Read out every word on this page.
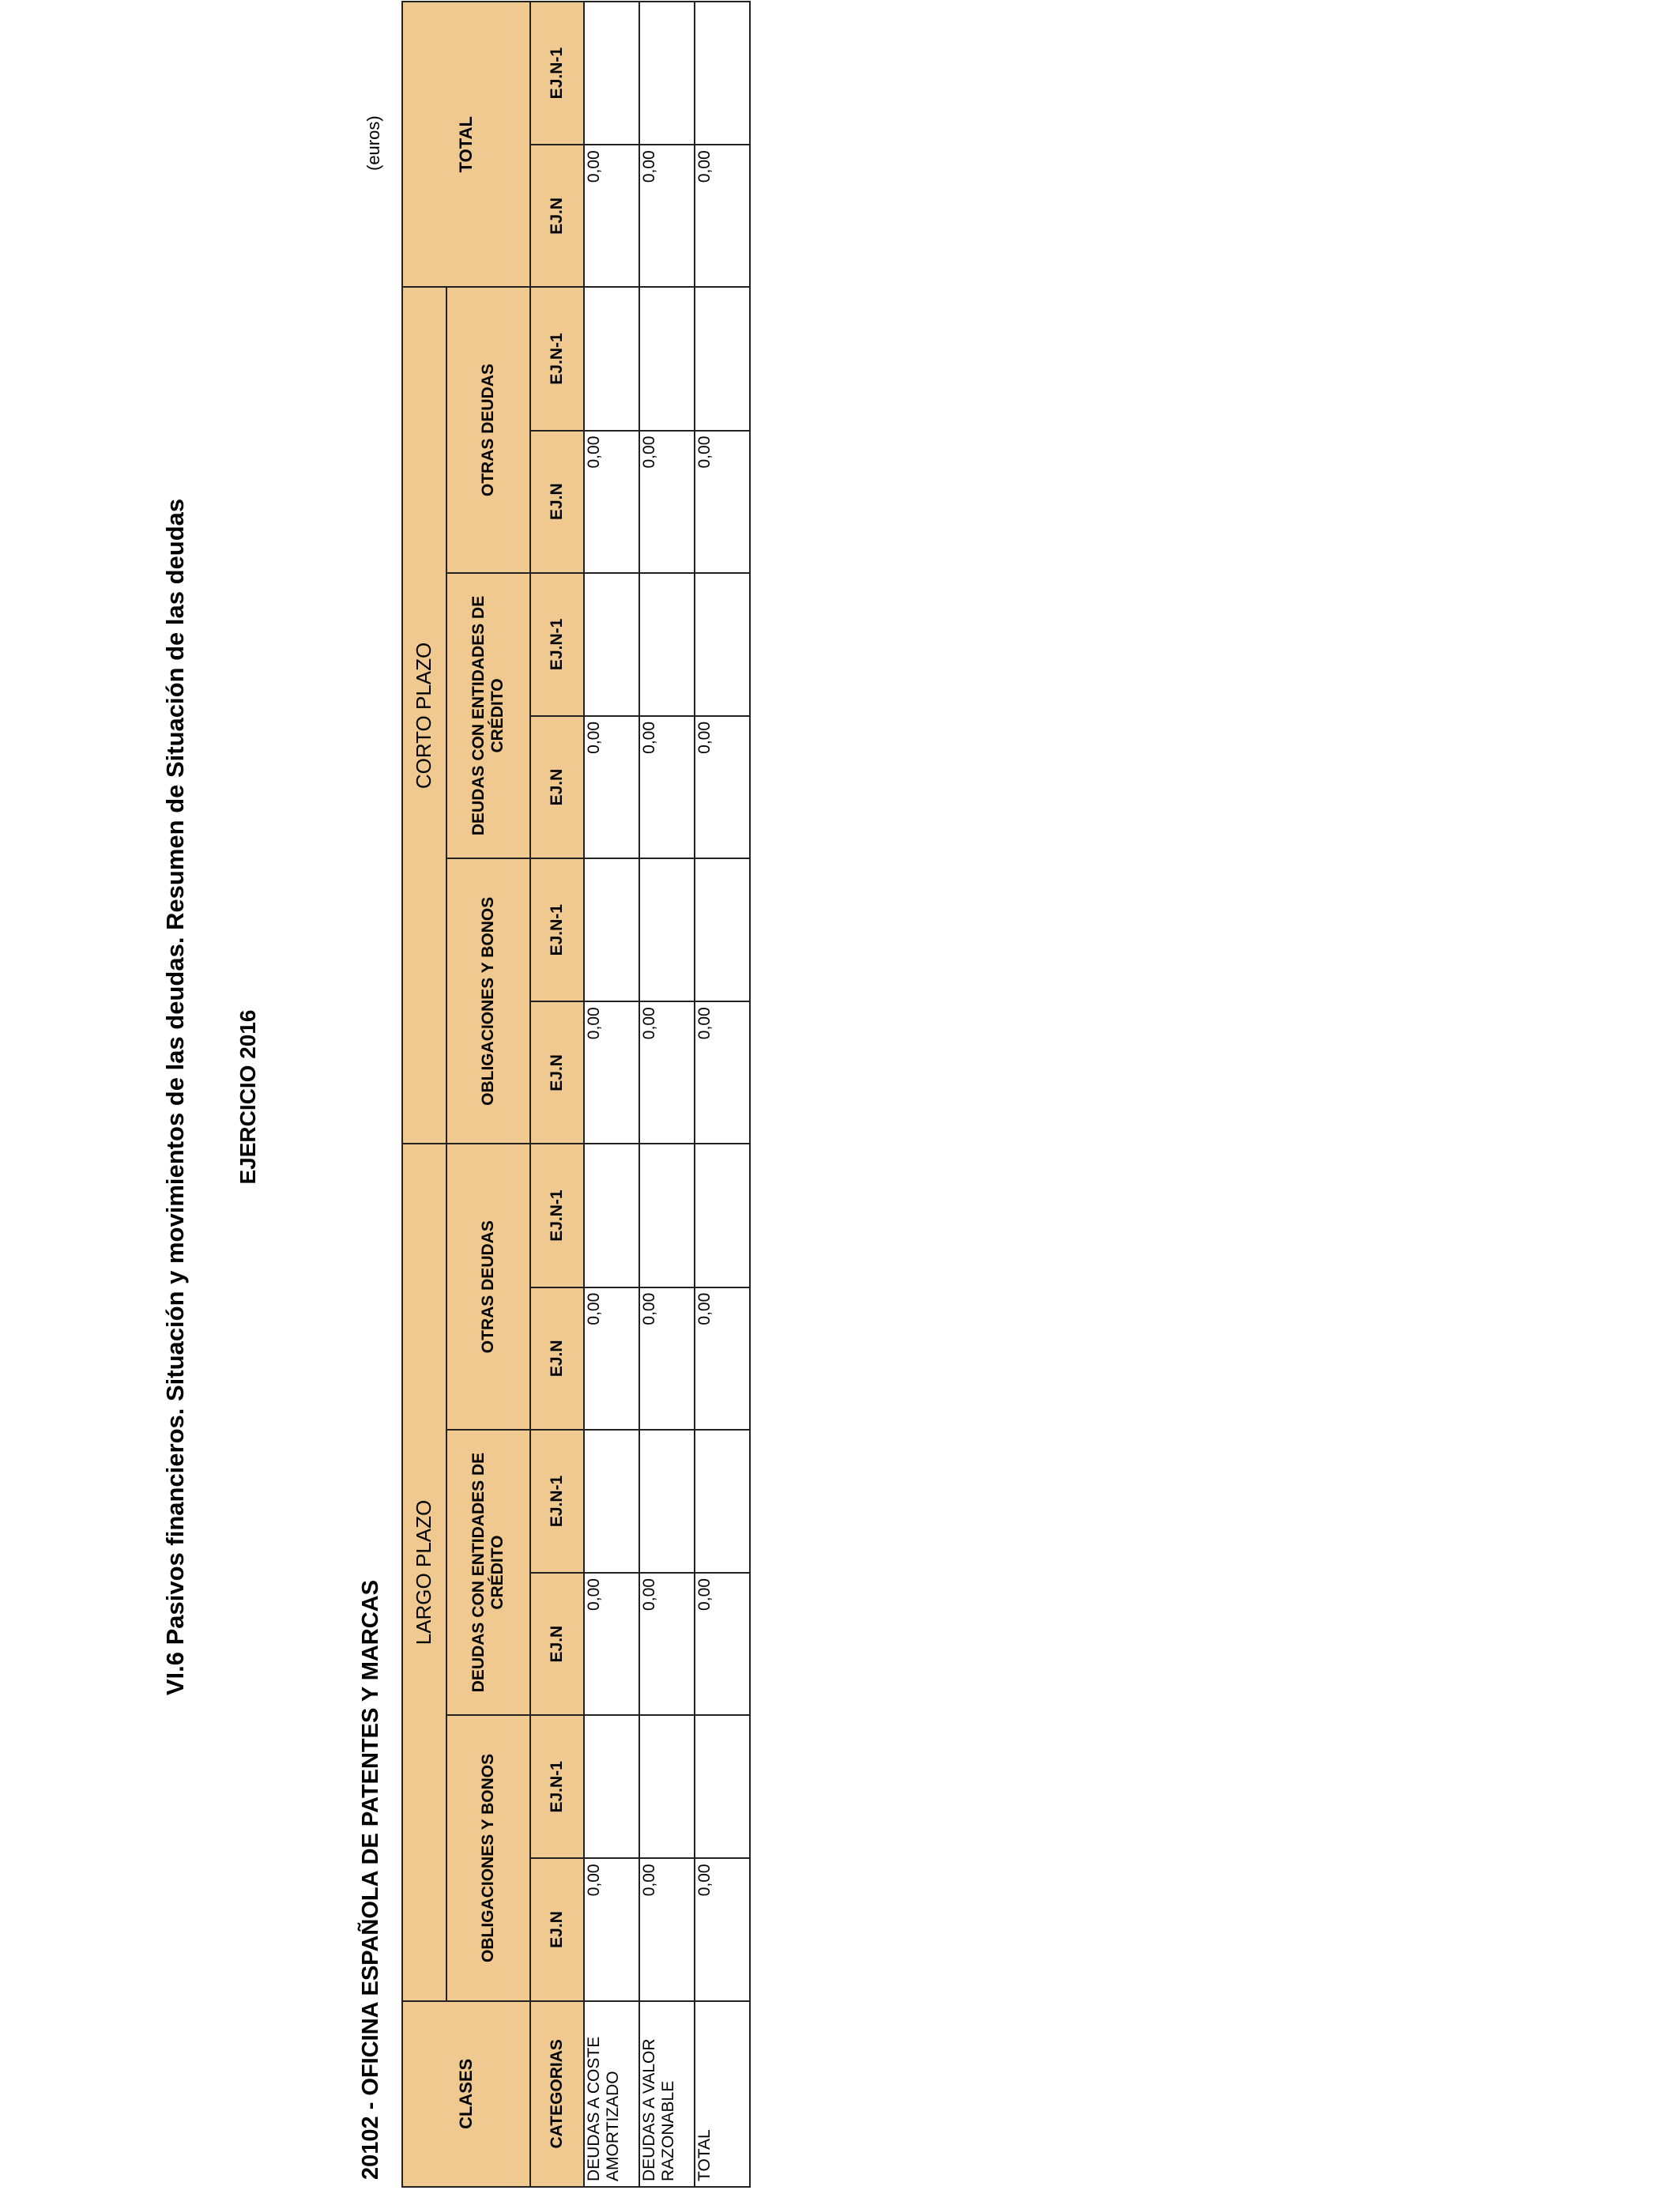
VI.6 Pasivos financieros. Situación y movimientos de las deudas. Resumen de Situación de las deudas EJERCICIO 2016
20102 - OFICINA ESPAÑOLA DE PATENTES Y MARCAS
(euros)
CLASES	LARGO PLAZO						CORTO PLAZO						TOTAL	
	OBLIGACIONES Y BONOS		DEUDAS CON ENTIDADES DE CRÉDITO		OTRAS DEUDAS		OBLIGACIONES Y BONOS		DEUDAS CON ENTIDADES DE CRÉDITO		OTRAS DEUDAS			
CATEGORIAS	EJ.N	EJ.N-1	EJ.N	EJ.N-1	EJ.N	EJ.N-1	EJ.N	EJ.N-1	EJ.N	EJ.N-1	EJ.N	EJ.N-1	EJ.N	EJ.N-1
DEUDAS A COSTE AMORTIZADO	0,00		0,00		0,00		0,00		0,00		0,00		0,00	
DEUDAS A VALOR RAZONABLE	0,00		0,00		0,00		0,00		0,00		0,00		0,00	
TOTAL	0,00		0,00		0,00		0,00		0,00		0,00		0,00	
